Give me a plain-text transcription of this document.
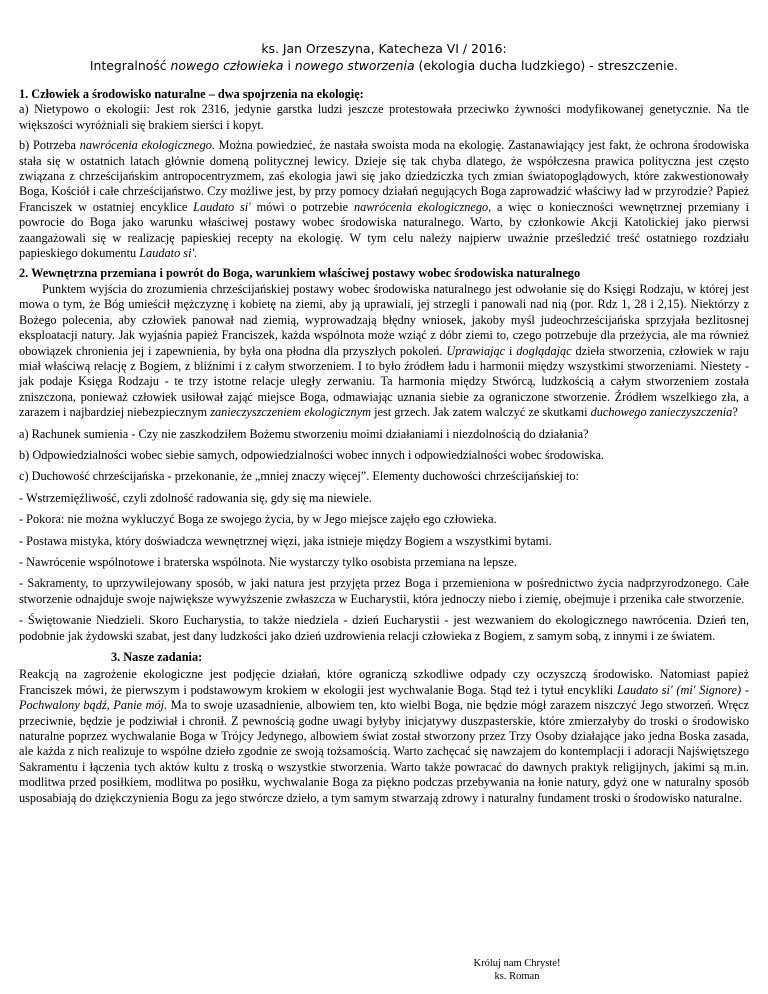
ks. Jan Orzeszyna, Katecheza VI / 2016:
Integralność nowego człowieka i nowego stworzenia (ekologia ducha ludzkiego) - streszczenie.
1. Człowiek a środowisko naturalne – dwa spojrzenia na ekologię:

a) Nietypowo o ekologii: Jest rok 2316, jedynie garstka ludzi jeszcze protestowała przeciwko żywności modyfikowanej genetycznie. Na tle większości wyróżniali się brakiem sierści i kopyt.

b) Potrzeba nawrócenia ekologicznego. Można powiedzieć, że nastała swoista moda na ekologię. Zastanawiający jest fakt, że ochrona środowiska stała się w ostatnich latach głównie domeną politycznej lewicy. Dzieje się tak chyba dlatego, że współczesna prawica polityczna jest często związana z chrześcijańskim antropocentryzmem, zaś ekologia jawi się jako dziedziczka tych zmian światopoglądowych, które zakwestionowały Boga, Kościół i całe chrześcijaństwo. Czy możliwe jest, by przy pomocy działań negujących Boga zaprowadzić właściwy ład w przyrodzie? Papież Franciszek w ostatniej encyklice Laudato si' mówi o potrzebie nawrócenia ekologicznego, a więc o konieczności wewnętrznej przemiany i powrocie do Boga jako warunku właściwej postawy wobec środowiska naturalnego. Warto, by członkowie Akcji Katolickiej jako pierwsi zaangażowali się w realizację papieskiej recepty na ekologię. W tym celu należy najpierw uważnie prześledzić treść ostatniego rozdziału papieskiego dokumentu Laudato si'.

2. Wewnętrzna przemiana i powrót do Boga, warunkiem właściwej postawy wobec środowiska naturalnego

Punktem wyjścia do zrozumienia chrześcijańskiej postawy wobec środowiska naturalnego jest odwołanie się do Księgi Rodzaju, w której jest mowa o tym, że Bóg umieścił mężczyznę i kobietę na ziemi, aby ją uprawiali, jej strzegli i panowali nad nią (por. Rdz 1, 28 i 2,15). Niektórzy z Bożego polecenia, aby człowiek panował nad ziemią, wyprowadzają błędny wniosek, jakoby myśl judeochrześcijańska sprzyjała bezlitosnej eksploatacji natury. Jak wyjaśnia papież Franciszek, każda wspólnota może wziąć z dóbr ziemi to, czego potrzebuje dla przeżycia, ale ma również obowiązek chronienia jej i zapewnienia, by była ona płodna dla przyszłych pokoleń. Uprawiając i doglądając dzieła stworzenia, człowiek w raju miał właściwą relację z Bogiem, z bliźnimi i z całym stworzeniem. I to było źródłem ładu i harmonii między wszystkimi stworzeniami. Niestety - jak podaje Księga Rodzaju - te trzy istotne relacje uległy zerwaniu. Ta harmonia między Stwórcą, ludzkością a całym stworzeniem została zniszczona, ponieważ człowiek usiłował zająć miejsce Boga, odmawiając uznania siebie za ograniczone stworzenie. Źródłem wszelkiego zła, a zarazem i najbardziej niebezpiecznym zanieczyszczeniem ekologicznym jest grzech. Jak zatem walczyć ze skutkami duchowego zanieczyszczenia?

a) Rachunek sumienia - Czy nie zaszkodziłem Bożemu stworzeniu moimi działaniami i niezdolnością do działania?

b) Odpowiedzialności wobec siebie samych, odpowiedzialności wobec innych i odpowiedzialności wobec środowiska.

c) Duchowość chrześcijańska - przekonanie, że „mniej znaczy więcej”. Elementy duchowości chrześcijańskiej to:

- Wstrzemięźliwość, czyli zdolność radowania się, gdy się ma niewiele.

- Pokora: nie można wykluczyć Boga ze swojego życia, by w Jego miejsce zajęło ego człowieka.

- Postawa mistyka, który doświadcza wewnętrznej więzi, jaka istnieje między Bogiem a wszystkimi bytami.

- Nawrócenie wspólnotowe i braterska wspólnota. Nie wystarczy tylko osobista przemiana na lepsze.

- Sakramenty, to uprzywilejowany sposób, w jaki natura jest przyjęta przez Boga i przemieniona w pośrednictwo życia nadprzyrodzonego. Całe stworzenie odnajduje swoje największe wywyższenie zwłaszcza w Eucharystii, która jednoczy niebo i ziemię, obejmuje i przenika całe stworzenie.

- Świętowanie Niedzieli. Skoro Eucharystia, to także niedziela - dzień Eucharystii - jest wezwaniem do ekologicznego nawrócenia. Dzień ten, podobnie jak żydowski szabat, jest dany ludzkości jako dzień uzdrowienia relacji człowieka z Bogiem, z samym sobą, z innymi i ze światem.

3. Nasze zadania:

Reakcją na zagrożenie ekologiczne jest podjęcie działań, które ograniczą szkodliwe odpady czy oczyszczą środowisko. Natomiast papież Franciszek mówi, że pierwszym i podstawowym krokiem w ekologii jest wychwalanie Boga. Stąd też i tytuł encykliki Laudato si' (mi' Signore) - Pochwalony bądź, Panie mój. Ma to swoje uzasadnienie, albowiem ten, kto wielbi Boga, nie będzie mógł zarazem niszczyć Jego stworzeń. Wręcz przeciwnie, będzie je podziwiał i chronił. Z pewnością godne uwagi byłyby inicjatywy duszpasterskie, które zmierzałyby do troski o środowisko naturalne poprzez wychwalanie Boga w Trójcy Jedynego, albowiem świat został stworzony przez Trzy Osoby działające jako jedna Boska zasada, ale każda z nich realizuje to wspólne dzieło zgodnie ze swoją tożsamością. Warto zachęcać się nawzajem do kontemplacji i adoracji Najświętszego Sakramentu i łączenia tych aktów kultu z troską o wszystkie stworzenia. Warto także powracać do dawnych praktyk religijnych, jakimi są m.in. modlitwa przed posiłkiem, modlitwa po posiłku, wychwalanie Boga za piękno podczas przebywania na łonie natury, gdyż one w naturalny sposób usposabiają do dziękczynienia Bogu za jego stwórcze dzieło, a tym samym stwarzają zdrowy i naturalny fundament troski o środowisko naturalne.

Króluj nam Chryste!
ks. Roman
